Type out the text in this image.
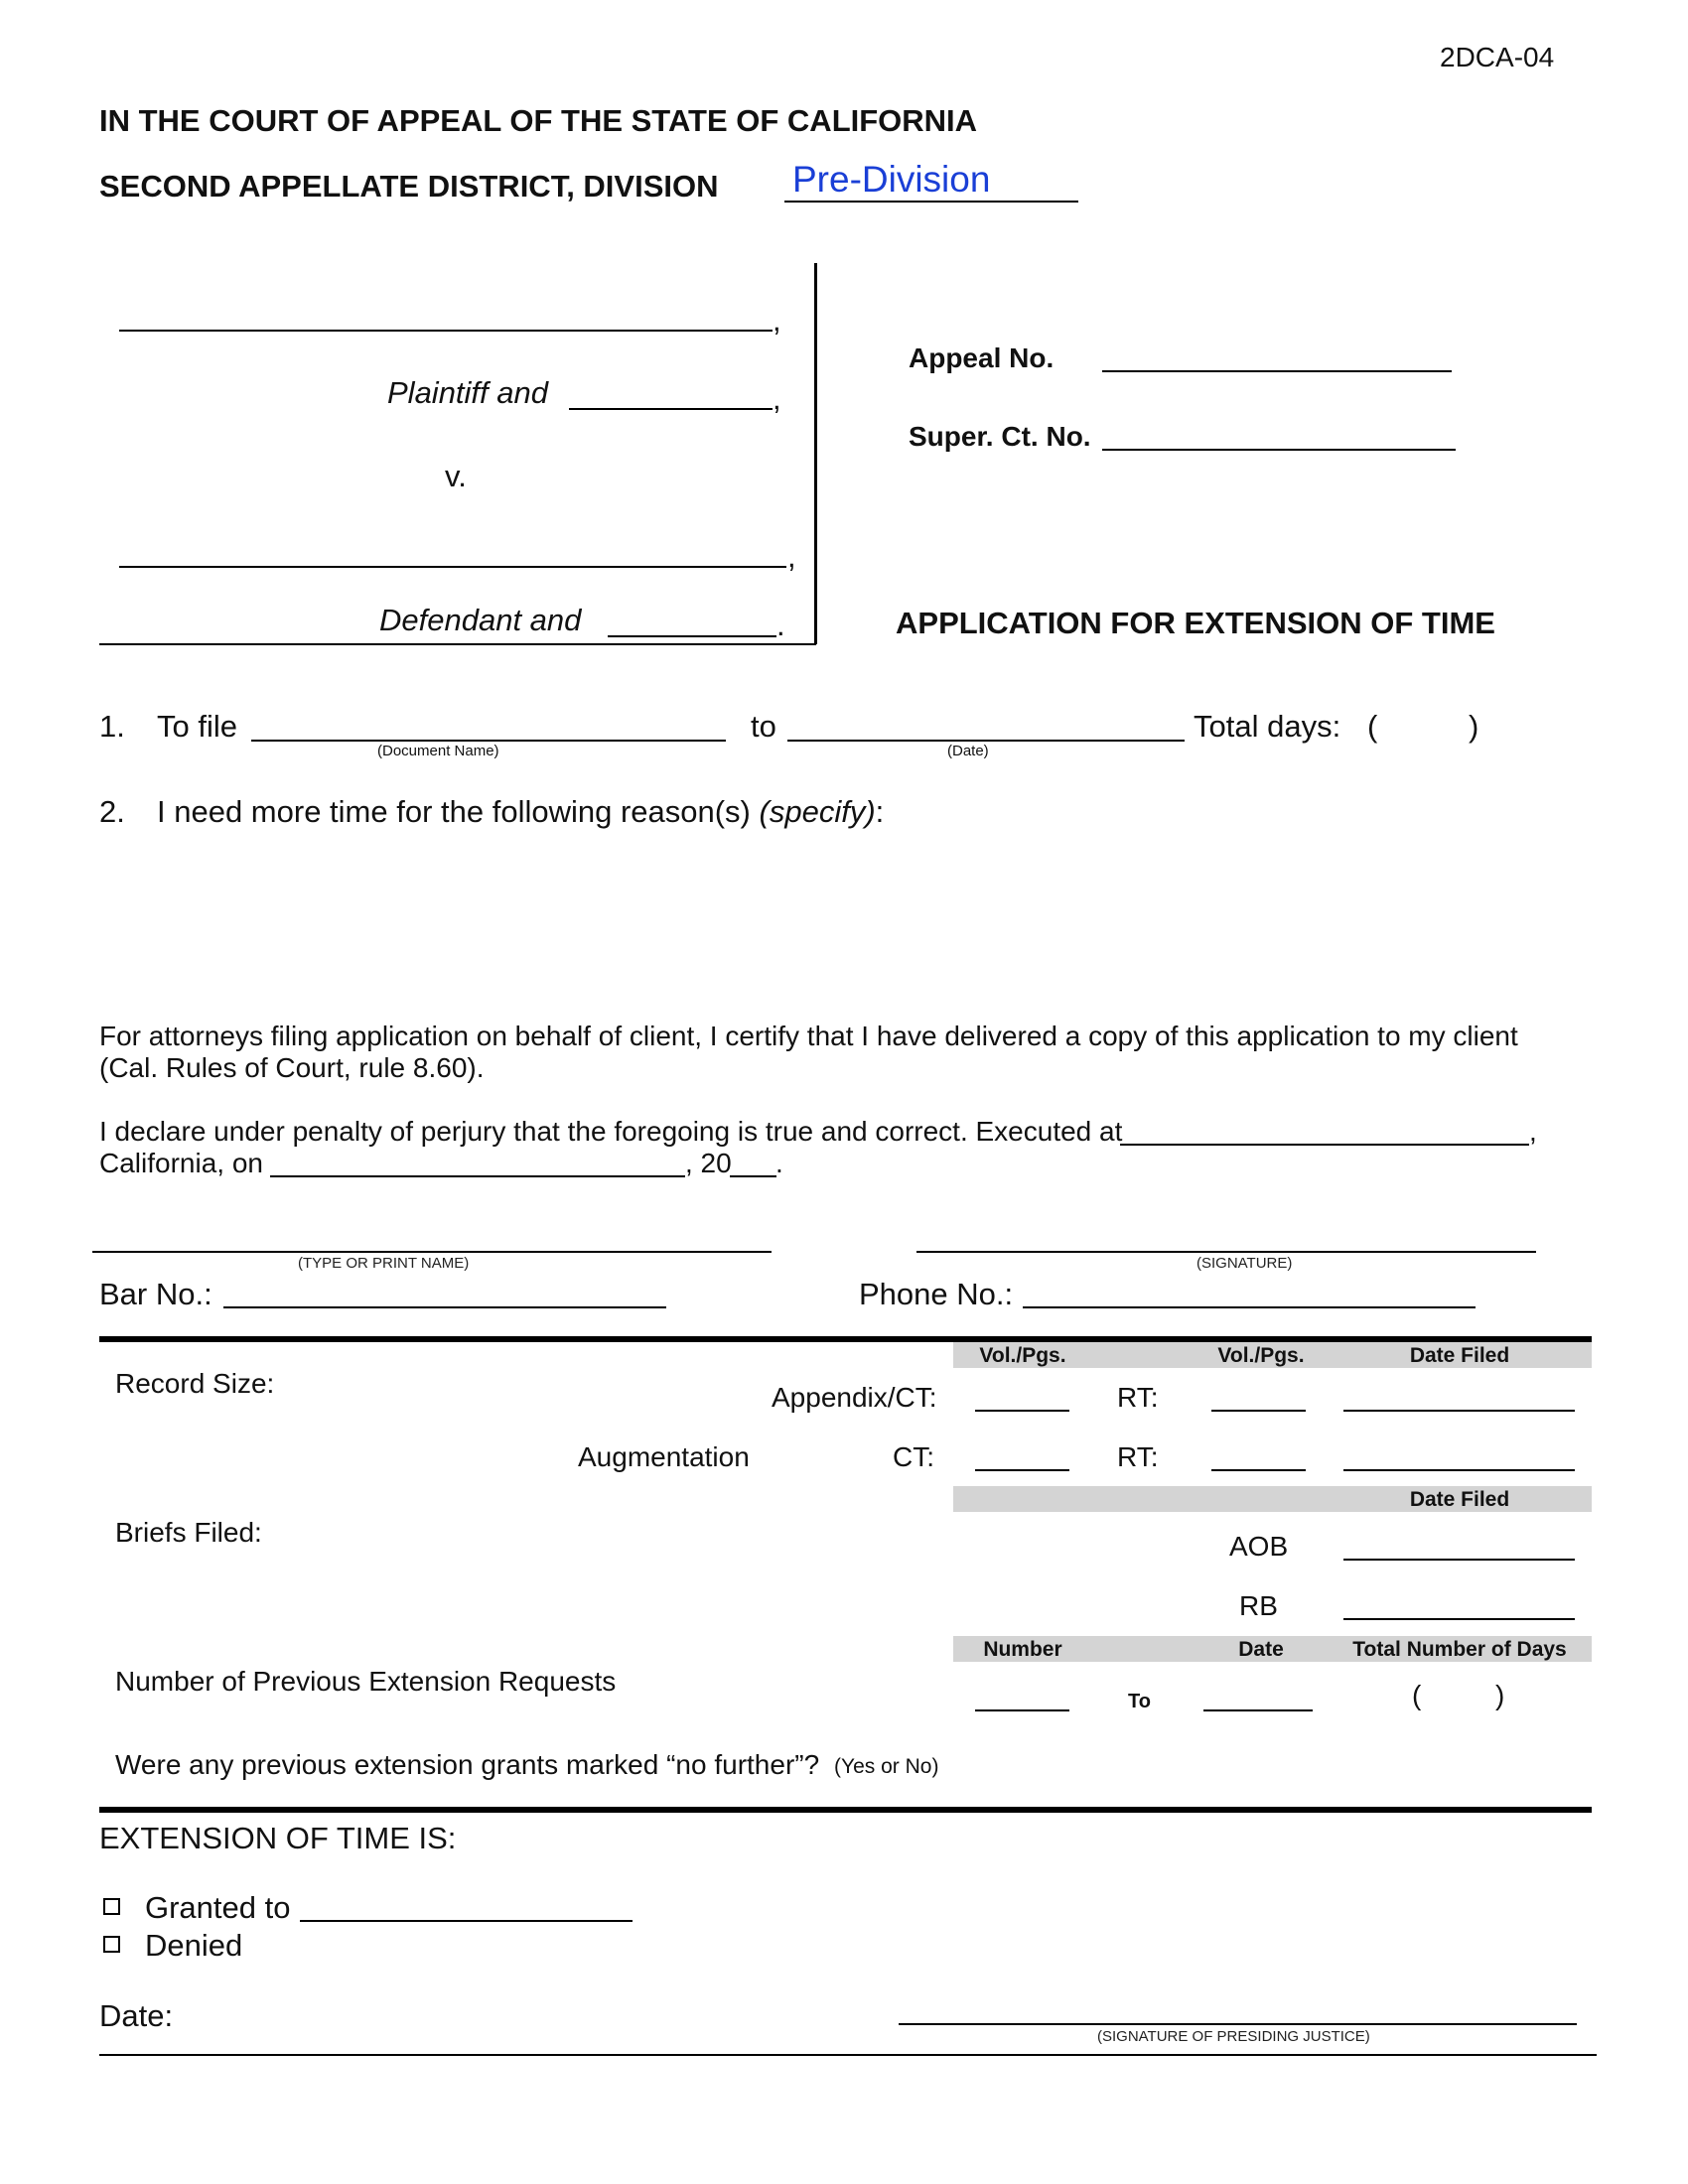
2DCA-04
IN THE COURT OF APPEAL OF THE STATE OF CALIFORNIA
SECOND APPELLATE DISTRICT, DIVISION Pre-Division
,
Plaintiff and	,
v.
,
Defendant and	.
Appeal No.
Super. Ct. No.
APPLICATION FOR EXTENSION OF TIME
1. To file
(Document Name)
to
(Date)
Total days: (	)
2. I need more time for the following reason(s) (specify):
For attorneys filing application on behalf of client, I certify that I have delivered a copy of this application to my client
(Cal. Rules of Court, rule 8.60).
I declare under penalty of perjury that the foregoing is true and correct. Executed at	,
California, on	, 20 .
(TYPE OR PRINT NAME)	(SIGNATURE)
Bar No.:	Phone No.:
Vol./Pgs.	Vol./Pgs.	Date Filed
Record Size:	Appendix/CT:	RT:
Augmentation	CT:	RT:
Date Filed
Briefs Filed:	AOB
RB
Number	Date	Total Number of Days
Number of Previous Extension Requests
To	(	)
Were any previous extension grants marked “no further”? (Yes or No)
EXTENSION OF TIME IS:
Granted to
Denied
Date:
(SIGNATURE OF PRESIDING JUSTICE)
